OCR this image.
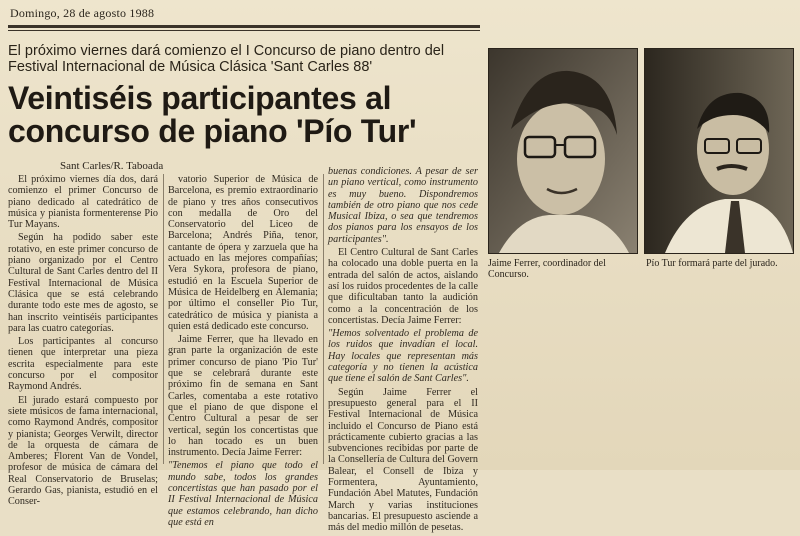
Domingo, 28 de agosto 1988
El próximo viernes dará comienzo el I Concurso de piano dentro del
Festival Internacional de Música Clásica 'Sant Carles 88'
Veintiséis participantes al
concurso de piano 'Pío Tur'
Sant Carles/R. Taboada

El próximo viernes día dos, dará comienzo el primer Concurso de piano dedicado al catedrático de música y pianista formenterense Pio Tur Mayans.

Según ha podido saber este rotativo, en este primer concurso de piano organizado por el Centro Cultural de Sant Carles dentro del II Festival Internacional de Música Clásica que se está celebrando durante todo este mes de agosto, se han inscrito veintiséis participantes para las cuatro categorías.

Los participantes al concurso tienen que interpretar una pieza escrita especialmente para este concurso por el compositor Raymond Andrés.

El jurado estará compuesto por siete músicos de fama internacional, como Raymond Andrés, compositor y pianista; Georges Verwilt, director de la orquesta de cámara de Amberes; Florent Van de Vondel, profesor de música de cámara del Real Conservatorio de Bruselas; Gerardo Gas, pianista, estudió en el Conser-

vatorio Superior de Música de Barcelona, es premio extraordinario de piano y tres años consecutivos con medalla de Oro del Conservatorio del Liceo de Barcelona; Andrés Piña, tenor, cantante de ópera y zarzuela que ha actuado en las mejores compañías; Vera Sykora, profesora de piano, estudió en la Escuela Superior de Música de Heidelberg en Alemania; por último el conseller Pio Tur, catedrático de música y pianista a quien está dedicado este concurso.

Jaime Ferrer, que ha llevado en gran parte la organización de este primer concurso de piano 'Pio Tur' que se celebrará durante este próximo fin de semana en Sant Carles, comentaba a este rotativo que el piano de que dispone el Centro Cultural a pesar de ser vertical, según los concertistas que lo han tocado es un buen instrumento. Decía Jaime Ferrer:

"Tenemos el piano que todo el mundo sabe, todos los grandes concertistas que han pasado por el II Festival Internacional de Música que estamos celebrando, han dicho que está en

buenas condiciones. A pesar de ser un piano vertical, como instrumento es muy bueno. Dispondremos también de otro piano que nos cede Musical Ibiza, o sea que tendremos dos pianos para los ensayos de los participantes".

El Centro Cultural de Sant Carles ha colocado una doble puerta en la entrada del salón de actos, aislando así los ruidos procedentes de la calle que dificultaban tanto la audición como a la concentración de los concertistas. Decía Jaime Ferrer:

"Hemos solventado el problema de los ruidos que invadían el local. Hay locales que representan más categoría y no tienen la acústica que tiene el salón de Sant Carles".

Según Jaime Ferrer el presupuesto general para el II Festival Internacional de Música incluido el Concurso de Piano está prácticamente cubierto gracias a las subvenciones recibidas por parte de la Consellería de Cultura del Govern Balear, el Consell de Ibiza y Formentera, Ayuntamiento, Fundación Abel Matutes, Fundación March y varias instituciones bancarias. El presupuesto asciende a más del medio millón de pesetas.

Jaime Ferrer, coordinador del Concurso.
Pío Tur formará parte del jurado.
